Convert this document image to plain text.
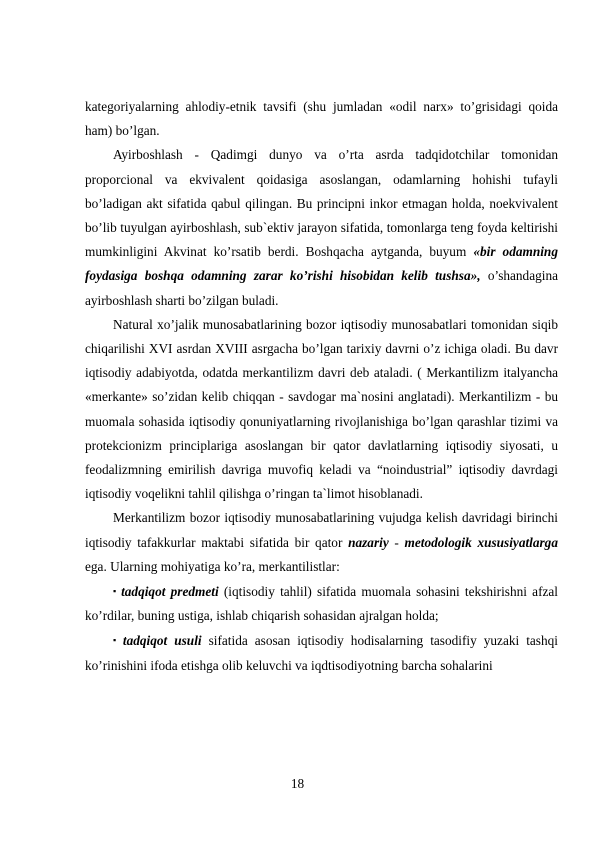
kategoriyalarning ahlodiy-etnik tavsifi (shu jumladan «odil narx» to’grisidagi qoida ham) bo’lgan.

Ayirboshlash - Qadimgi dunyo va o’rta asrda tadqidotchilar tomonidan proporcional va ekvivalent qoidasiga asoslangan, odamlarning hohishi tufayli bo’ladigan akt sifatida qabul qilingan. Bu principni inkor etmagan holda, noekvivalent bo’lib tuyulgan ayirboshlash, sub`ektiv jarayon sifatida, tomonlarga teng foyda keltirishi mumkinligini Akvinat ko’rsatib berdi. Boshqacha aytganda, buyum «bir odamning foydasiga boshqa odamning zarar ko’rishi hisobidan kelib tushsa», o’shandagina ayirboshlash sharti bo’zilgan buladi.

Natural xo’jalik munosabatlarining bozor iqtisodiy munosabatlari tomonidan siqib chiqarilishi XVI asrdan XVIII asrgacha bo’lgan tarixiy davrni o’z ichiga oladi. Bu davr iqtisodiy adabiyotda, odatda merkantilizm davri deb ataladi. ( Merkantilizm italyancha «merkante» so’zidan kelib chiqqan - savdogar ma`nosini anglatadi). Merkantilizm - bu muomala sohasida iqtisodiy qonuniyatlarning rivojlanishiga bo’lgan qarashlar tizimi va protekcionizm principlariga asoslangan bir qator davlatlarning iqtisodiy siyosati, u feodalizmning emirilish davriga muvofiq keladi va “noindustrial” iqtisodiy davrdagi iqtisodiy voqelikni tahlil qilishga o’ringan ta`limot hisoblanadi.

Merkantilizm bozor iqtisodiy munosabatlarining vujudga kelish davridagi birinchi iqtisodiy tafakkurlar maktabi sifatida bir qator nazariy - metodologik xususiyatlarga ega. Ularning mohiyatiga ko’ra, merkantilistlar:

▪ tadqiqot predmeti (iqtisodiy tahlil) sifatida muomala sohasini tekshirishni afzal ko’rdilar, buning ustiga, ishlab chiqarish sohasidan ajralgan holda;

▪ tadqiqot usuli sifatida asosan iqtisodiy hodisalarning tasodifiy yuzaki tashqi ko’rinishini ifoda etishga olib keluvchi va iqdtisodiyotning barcha sohalarini

18
